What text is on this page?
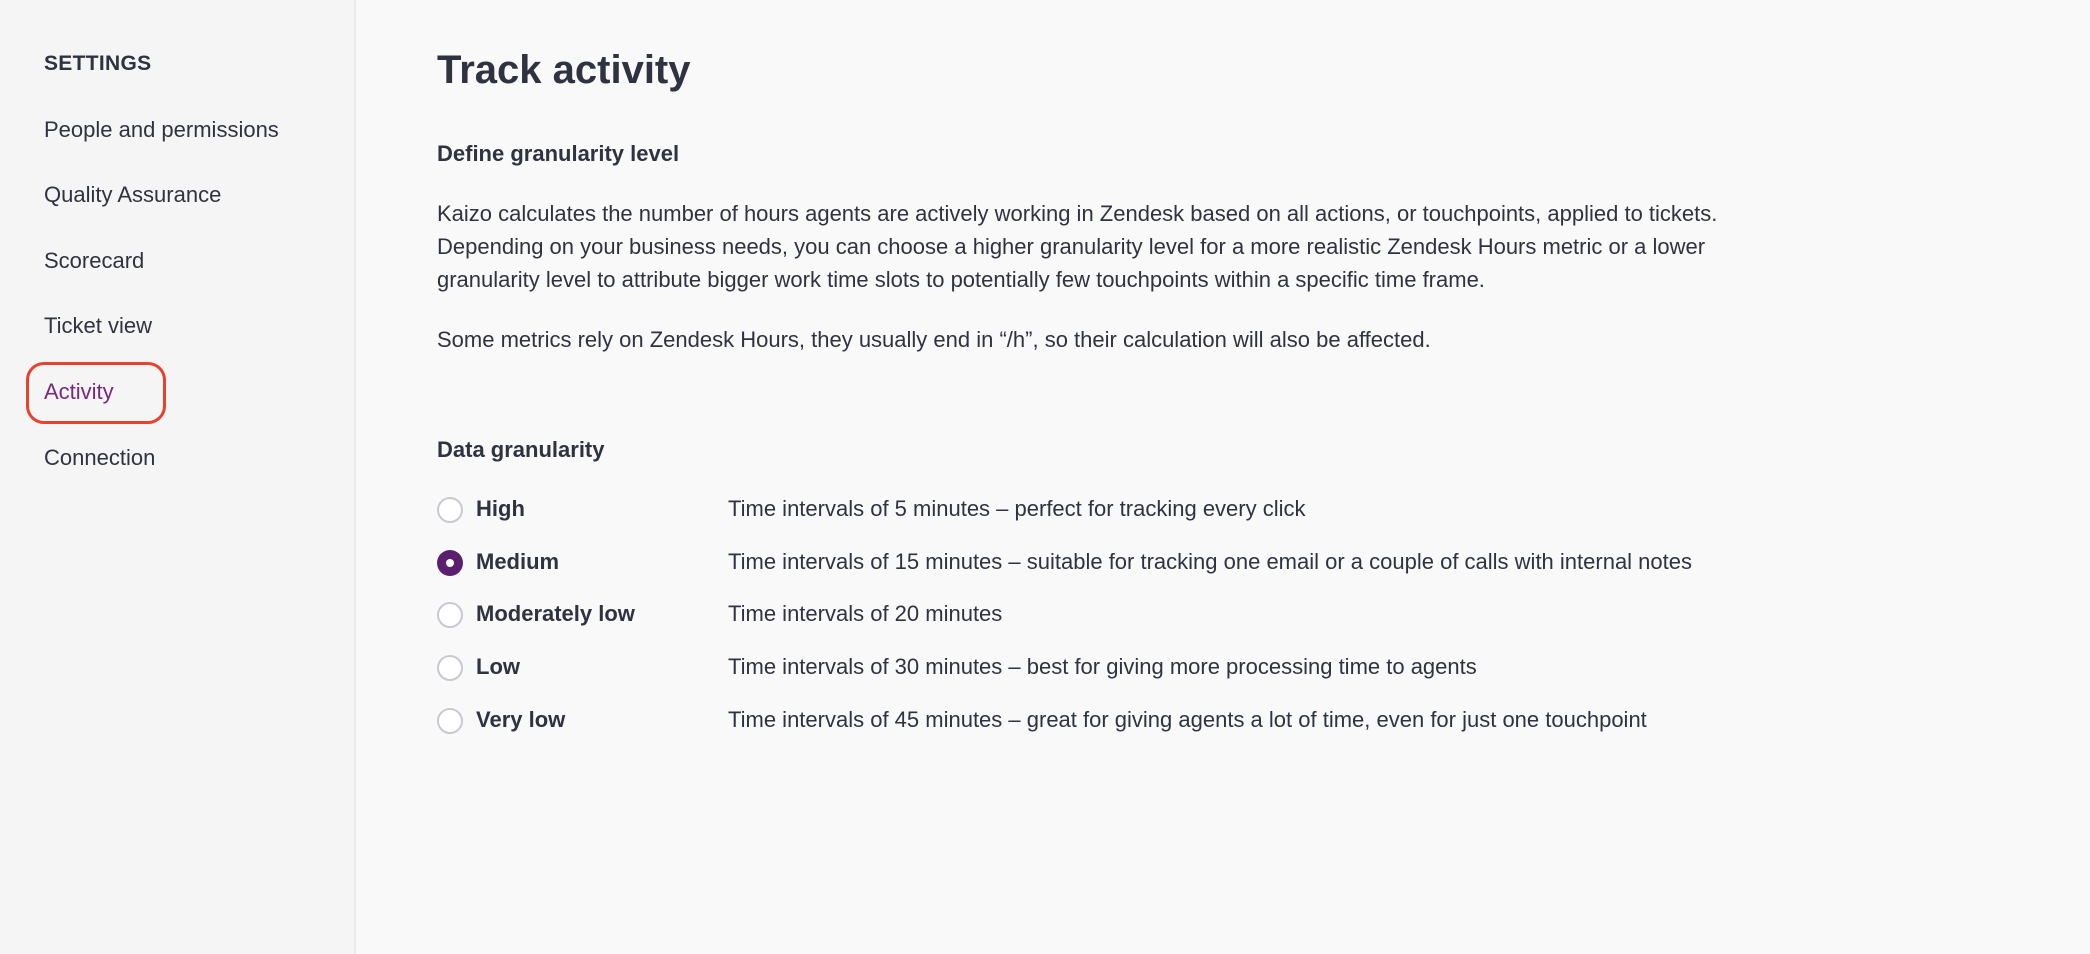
SETTINGS
People and permissions
Quality Assurance
Scorecard
Ticket view
Activity
Connection
Track activity
Define granularity level

Kaizo calculates the number of hours agents are actively working in Zendesk based on all actions, or touchpoints, applied to tickets. Depending on your business needs, you can choose a higher granularity level for a more realistic Zendesk Hours metric or a lower granularity level to attribute bigger work time slots to potentially few touchpoints within a specific time frame.

Some metrics rely on Zendesk Hours, they usually end in “/h”, so their calculation will also be affected.

Data granularity
High	Time intervals of 5 minutes – perfect for tracking every click
Medium	Time intervals of 15 minutes – suitable for tracking one email or a couple of calls with internal notes
Moderately low	Time intervals of 20 minutes
Low	Time intervals of 30 minutes – best for giving more processing time to agents
Very low	Time intervals of 45 minutes – great for giving agents a lot of time, even for just one touchpoint
